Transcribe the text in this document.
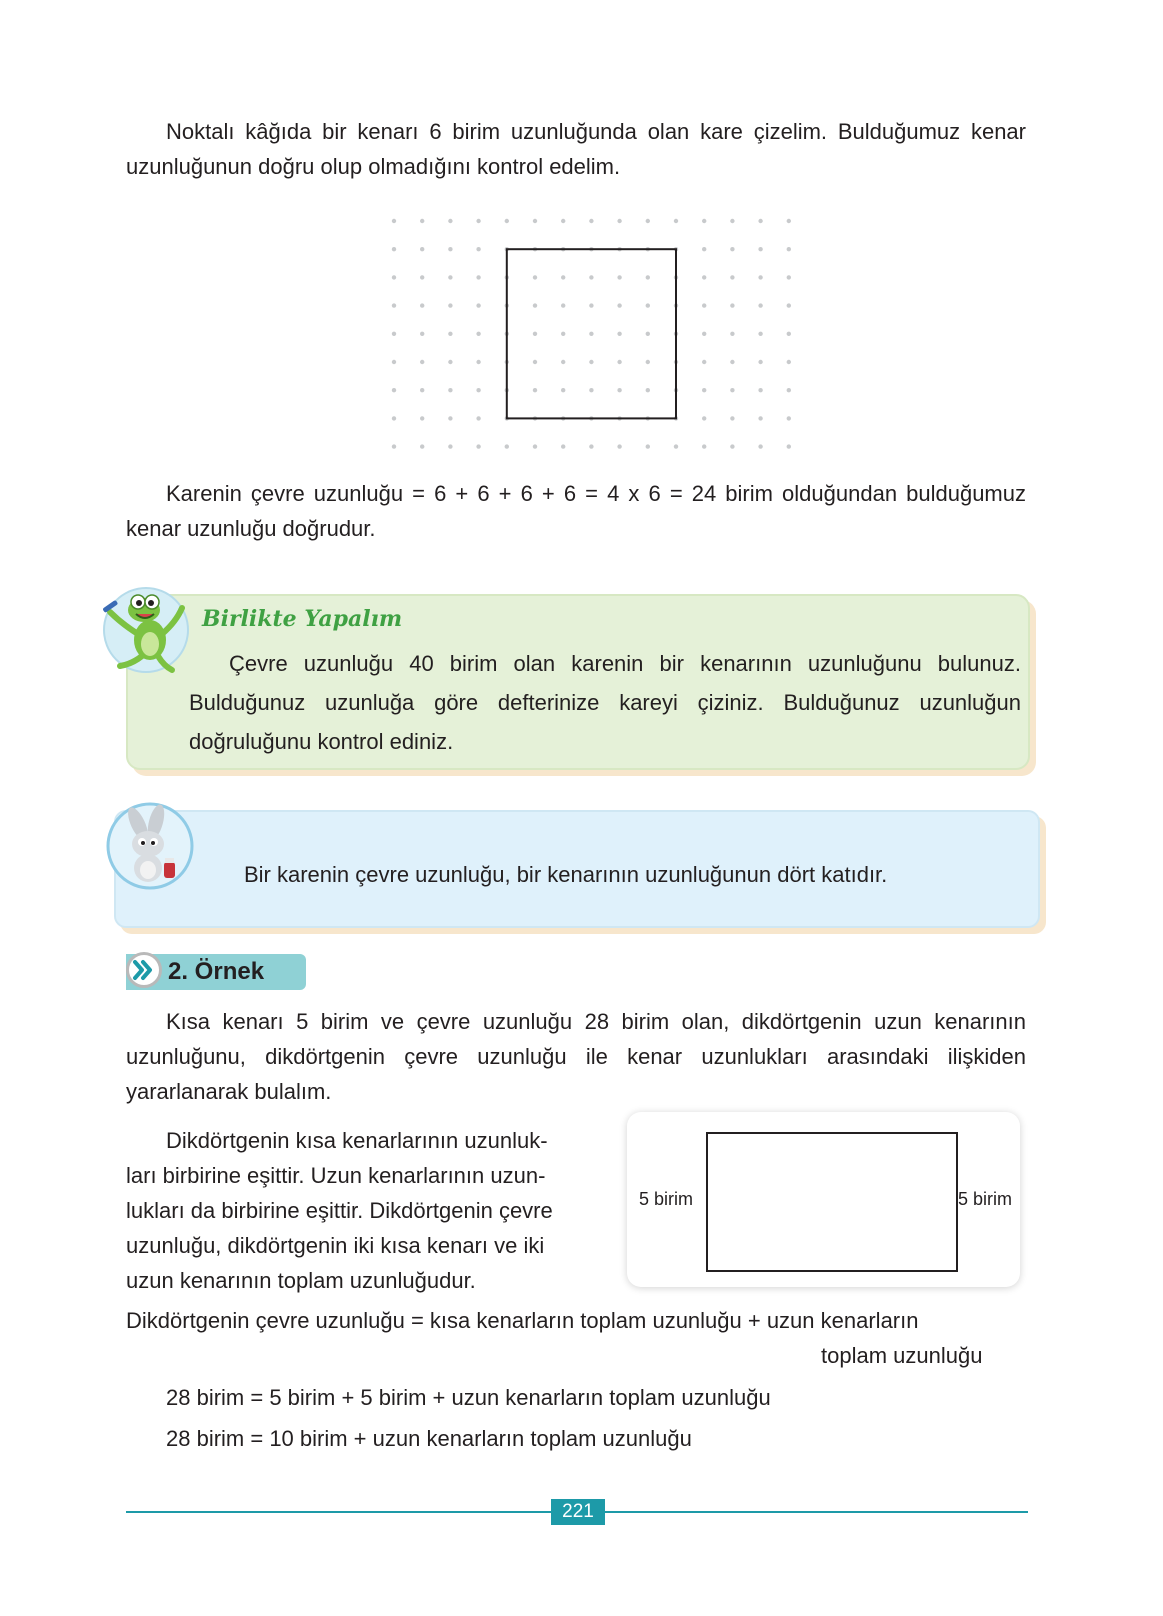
Noktalı kâğıda bir kenarı 6 birim uzunluğunda olan kare çizelim. Bulduğumuz kenar uzunluğunun doğru olup olmadığını kontrol edelim.

Karenin çevre uzunluğu = 6 + 6 + 6 + 6 = 4 x 6 = 24 birim olduğundan bulduğumuz kenar uzunluğu doğrudur.

Birlikte Yapalım

Çevre uzunluğu 40 birim olan karenin bir kenarının uzunluğunu bulunuz. Bulduğunuz uzunluğa göre defterinize kareyi çiziniz. Bulduğunuz uzunluğun doğruluğunu kontrol ediniz.

Bir karenin çevre uzunluğu, bir kenarının uzunluğunun dört katıdır.
2. Örnek

Kısa kenarı 5 birim ve çevre uzunluğu 28 birim olan, dikdörtgenin uzun kenarının uzunluğunu, dikdörtgenin çevre uzunluğu ile kenar uzunlukları arasındaki ilişkiden yararlanarak bulalım.

Dikdörtgenin kısa kenarlarının uzunluk-
ları birbirine eşittir. Uzun kenarlarının uzun-
lukları da birbirine eşittir. Dikdörtgenin çevre
uzunluğu, dikdörtgenin iki kısa kenarı ve iki
uzun kenarının toplam uzunluğudur.
5 birim	5 birim
Dikdörtgenin çevre uzunluğu = kısa kenarların toplam uzunluğu + uzun kenarların
toplam uzunluğu
28 birim = 5 birim + 5 birim + uzun kenarların toplam uzunluğu
28 birim = 10 birim + uzun kenarların toplam uzunluğu
221
